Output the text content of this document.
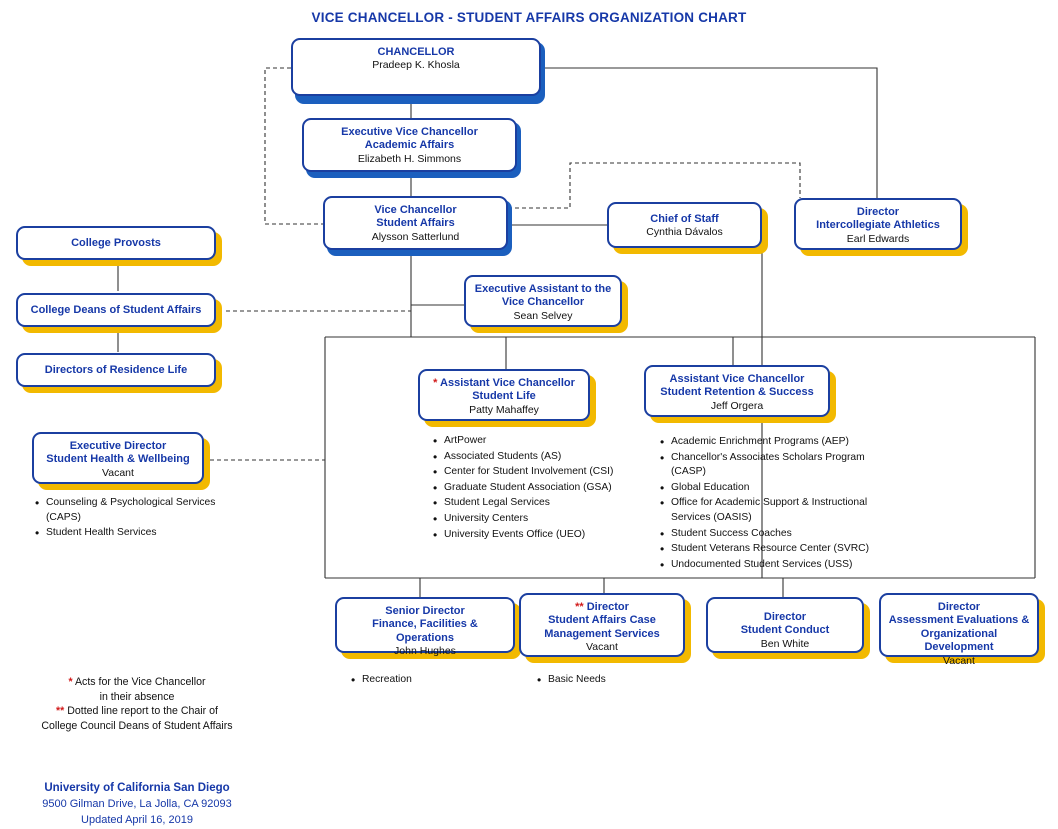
VICE CHANCELLOR - STUDENT AFFAIRS ORGANIZATION CHART
CHANCELLOR
Pradeep K. Khosla
Executive Vice Chancellor
Academic Affairs
Elizabeth H. Simmons
Vice Chancellor
Student Affairs
Alysson Satterlund
Chief of Staff
Cynthia Dávalos
Director
Intercollegiate Athletics
Earl Edwards
Executive Assistant to the
Vice Chancellor
Sean Selvey
College Provosts
College Deans of Student Affairs
Directors of Residence Life
Executive Director
Student Health & Wellbeing
Vacant
• Counseling & Psychological Services (CAPS)
• Student Health Services
* Assistant Vice Chancellor
Student Life
Patty Mahaffey
• ArtPower
• Associated Students (AS)
• Center for Student Involvement (CSI)
• Graduate Student Association (GSA)
• Student Legal Services
• University Centers
• University Events Office (UEO)
Assistant Vice Chancellor
Student Retention & Success
Jeff Orgera
• Academic Enrichment Programs (AEP)
• Chancellor's Associates Scholars Program (CASP)
• Global Education
• Office for Academic Support & Instructional Services (OASIS)
• Student Success Coaches
• Student Veterans Resource Center (SVRC)
• Undocumented Student Services (USS)
Senior Director
Finance, Facilities & Operations
John Hughes
• Recreation
** Director
Student Affairs Case
Management Services
Vacant
• Basic Needs
Director
Student Conduct
Ben White
Director
Assessment Evaluations &
Organizational Development
Vacant
* Acts for the Vice Chancellor
in their absence
** Dotted line report to the Chair of
College Council Deans of Student Affairs
University of California San Diego
9500 Gilman Drive, La Jolla, CA 92093
Updated April 16, 2019
